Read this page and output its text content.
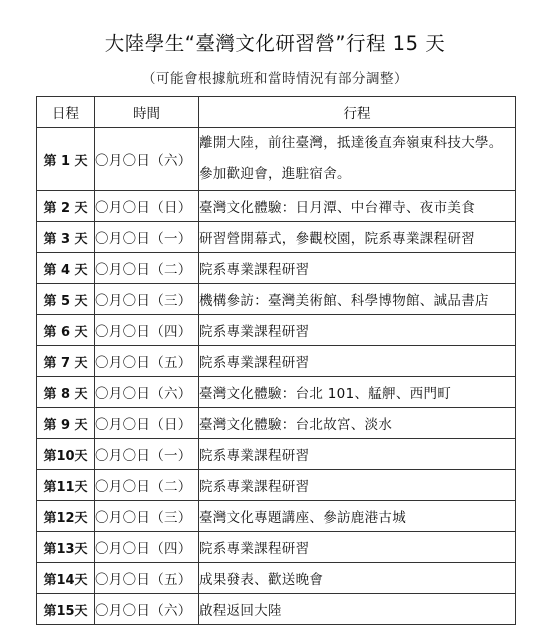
大陸學生“臺灣文化研習營”行程 15 天
（可能會根據航班和當時情況有部分調整）
日程	時間	行程
第 1 天	〇月〇日（六）	離開大陸，前往臺灣，抵達後直奔嶺東科技大學。
參加歡迎會，進駐宿舍。

第 2 天	〇月〇日（日）	臺灣文化體驗：日月潭、中台禪寺、夜市美食
第 3 天	〇月〇日（一）	研習營開幕式，參觀校園，院系專業課程研習
第 4 天	〇月〇日（二）	院系專業課程研習
第 5 天	〇月〇日（三）	機構參訪：臺灣美術館、科學博物館、誠品書店
第 6 天	〇月〇日（四）	院系專業課程研習
第 7 天	〇月〇日（五）	院系專業課程研習
第 8 天	〇月〇日（六）	臺灣文化體驗：台北 101、艋舺、西門町
第 9 天	〇月〇日（日）	臺灣文化體驗：台北故宮、淡水
第10天	〇月〇日（一）	院系專業課程研習
第11天	〇月〇日（二）	院系專業課程研習
第12天	〇月〇日（三）	臺灣文化專題講座、參訪鹿港古城
第13天	〇月〇日（四）	院系專業課程研習
第14天	〇月〇日（五）	成果發表、歡送晚會
第15天	〇月〇日（六）	啟程返回大陸
